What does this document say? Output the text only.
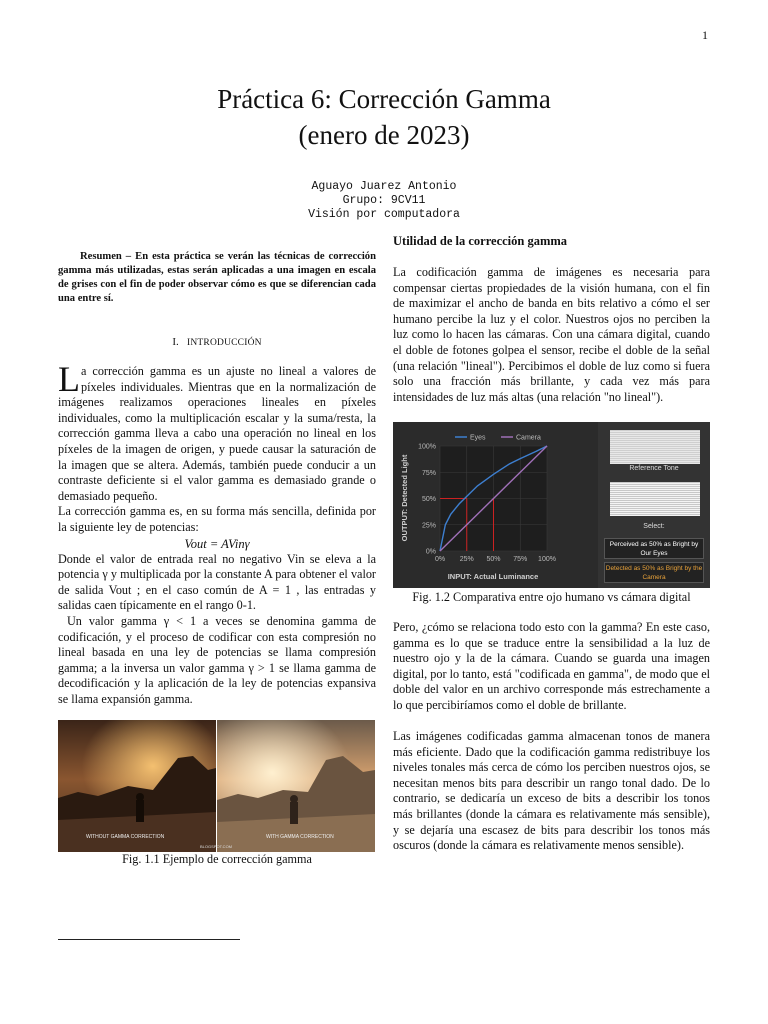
1
Práctica 6: Corrección Gamma
(enero de 2023)
Aguayo Juarez Antonio
Grupo: 9CV11
Visión por computadora

Resumen – En esta práctica se verán las técnicas de corrección gamma más utilizadas, estas serán aplicadas a una imagen en escala de grises con el fin de poder observar cómo es que se diferencian cada una entre sí.

I. INTRODUCCIÓN

La corrección gamma es un ajuste no lineal a valores de píxeles individuales. Mientras que en la normalización de imágenes realizamos operaciones lineales en píxeles individuales, como la multiplicación escalar y la suma/resta, la corrección gamma lleva a cabo una operación no lineal en los píxeles de la imagen de origen, y puede causar la saturación de la imagen que se altera. Además, también puede conducir a un contraste deficiente si el valor gamma es demasiado grande o demasiado pequeño.

La corrección gamma es, en su forma más sencilla, definida por la siguiente ley de potencias:

Vout = AVinγ

Donde el valor de entrada real no negativo Vin se eleva a la potencia γ y multiplicada por la constante A para obtener el valor de salida Vout ; en el caso común de A = 1 , las entradas y salidas caen típicamente en el rango 0-1.

Un valor gamma γ < 1 a veces se denomina gamma de codificación, y el proceso de codificar con esta compresión no lineal basada en una ley de potencias se llama compresión gamma; a la inversa un valor gamma γ > 1 se llama gamma de decodificación y la aplicación de la ley de potencias expansiva se llama expansión gamma.

WITHOUT GAMMA CORRECTION	WITH GAMMA CORRECTION
BLOGSPOT.COM
Fig. 1.1 Ejemplo de corrección gamma
Utilidad de la corrección gamma

La codificación gamma de imágenes es necesaria para compensar ciertas propiedades de la visión humana, con el fin de maximizar el ancho de banda en bits relativo a cómo el ser humano percibe la luz y el color. Nuestros ojos no perciben la luz como lo hacen las cámaras. Con una cámara digital, cuando el doble de fotones golpea el sensor, recibe el doble de la señal (una relación "lineal"). Percibimos el doble de luz como si fuera solo una fracción más brillante, y cada vez más para intensidades de luz más altas (una relación "no lineal").

0%
0%
25%
25%
50%
50%
75%
75%
100%
100%
Eyes	Camera
INPUT: Actual Luminance
OUTPUT: Detected Light	Reference Tone
Select:
Perceived as 50% as Bright by Our Eyes
Detected as 50% as Bright by the Camera
Fig. 1.2 Comparativa entre ojo humano vs cámara digital

Pero, ¿cómo se relaciona todo esto con la gamma? En este caso, gamma es lo que se traduce entre la sensibilidad a la luz de nuestro ojo y la de la cámara. Cuando se guarda una imagen digital, por lo tanto, está "codificada en gamma", de modo que el doble del valor en un archivo corresponde más estrechamente a lo que percibiríamos como el doble de brillante.

Las imágenes codificadas gamma almacenan tonos de manera más eficiente. Dado que la codificación gamma redistribuye los niveles tonales más cerca de cómo los perciben nuestros ojos, se necesitan menos bits para describir un rango tonal dado. De lo contrario, se dedicaría un exceso de bits a describir los tonos más brillantes (donde la cámara es relativamente más sensible), y se dejaría una escasez de bits para describir los tonos más oscuros (donde la cámara es relativamente menos sensible).
